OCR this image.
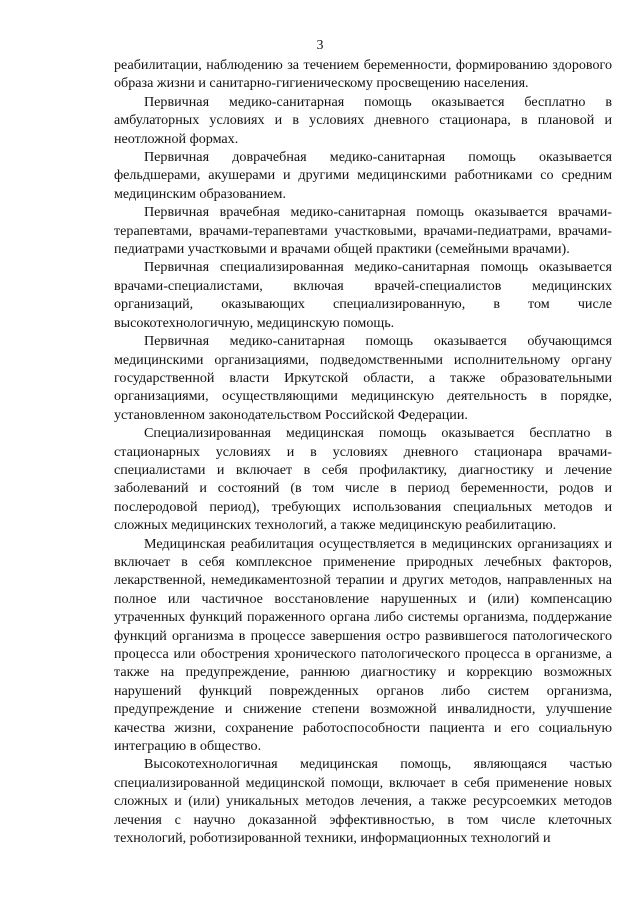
3

реабилитации, наблюдению за течением беременности, формированию здорового образа жизни и санитарно-гигиеническому просвещению населения.

Первичная медико-санитарная помощь оказывается бесплатно в амбулаторных условиях и в условиях дневного стационара, в плановой и неотложной формах.

Первичная доврачебная медико-санитарная помощь оказывается фельдшерами, акушерами и другими медицинскими работниками со средним медицинским образованием.

Первичная врачебная медико-санитарная помощь оказывается врачами-терапевтами, врачами-терапевтами участковыми, врачами-педиатрами, врачами-педиатрами участковыми и врачами общей практики (семейными врачами).

Первичная специализированная медико-санитарная помощь оказывается врачами-специалистами, включая врачей-специалистов медицинских организаций, оказывающих специализированную, в том числе высокотехнологичную, медицинскую помощь.

Первичная медико-санитарная помощь оказывается обучающимся медицинскими организациями, подведомственными исполнительному органу государственной власти Иркутской области, а также образовательными организациями, осуществляющими медицинскую деятельность в порядке, установленном законодательством Российской Федерации.

Специализированная медицинская помощь оказывается бесплатно в стационарных условиях и в условиях дневного стационара врачами-специалистами и включает в себя профилактику, диагностику и лечение заболеваний и состояний (в том числе в период беременности, родов и послеродовой период), требующих использования специальных методов и сложных медицинских технологий, а также медицинскую реабилитацию.

Медицинская реабилитация осуществляется в медицинских организациях и включает в себя комплексное применение природных лечебных факторов, лекарственной, немедикаментозной терапии и других методов, направленных на полное или частичное восстановление нарушенных и (или) компенсацию утраченных функций пораженного органа либо системы организма, поддержание функций организма в процессе завершения остро развившегося патологического процесса или обострения хронического патологического процесса в организме, а также на предупреждение, раннюю диагностику и коррекцию возможных нарушений функций поврежденных органов либо систем организма, предупреждение и снижение степени возможной инвалидности, улучшение качества жизни, сохранение работоспособности пациента и его социальную интеграцию в общество.

Высокотехнологичная медицинская помощь, являющаяся частью специализированной медицинской помощи, включает в себя применение новых сложных и (или) уникальных методов лечения, а также ресурсоемких методов лечения с научно доказанной эффективностью, в том числе клеточных технологий, роботизированной техники, информационных технологий и
